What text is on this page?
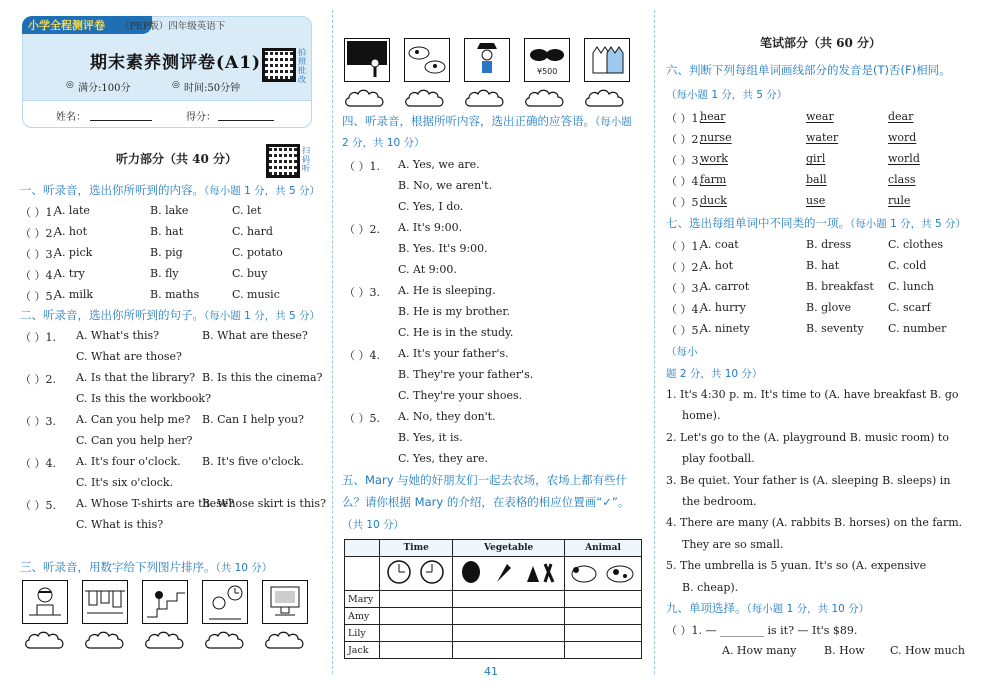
小学全程测评卷 （PEP版）四年级英语下
期末素养测评卷(A1)
◎ 满分:100分	◎ 时间:50分钟
拍照批改
姓名：	得分：
听力部分（共 40 分）
扫码听
一、听录音，选出你所听到的内容。（每小题 1 分，共 5 分）
（ ）1.
A. late	B. lake	C. let
（ ）2.
A. hot	B. hat	C. hard
（ ）3.
A. pick	B. pig	C. potato
（ ）4.
A. try	B. fly	C. buy
（ ）5.
A. milk	B. maths	C. music
二、听录音，选出你所听到的句子。（每小题 1 分，共 5 分）
（ ）1. A. What's this?	B. What are these?
C. What are those?
（ ）2. A. Is that the library? B. Is this the cinema?
C. Is this the workbook?
（ ）3. A. Can you help me? B. Can I help you?
C. Can you help her?
（ ）4. A. It's four o'clock. B. It's five o'clock.
C. It's six o'clock.
（ ）5. A. Whose T-shirts are these?
B. Whose skirt is this?
C. What is this?
三、听录音，用数字给下列图片排序。（共 10 分）
¥500
四、听录音，根据所听内容，选出正确的应答语。（每小题
2 分，共 10 分）
（ ）1. A. Yes, we are.
B. No, we aren't.
C. Yes, I do.
（ ）2. A. It's 9:00.
B. Yes. It's 9:00.
C. At 9:00.
（ ）3. A. He is sleeping.
B. He is my brother.
C. He is in the study.
（ ）4. A. It's your father's.
B. They're your father's.
C. They're your shoes.
（ ）5. A. No, they don't.
B. Yes, it is.
C. Yes, they are.
五、Mary 与她的好朋友们一起去农场，农场上都有些什
么？请你根据 Mary 的介绍，在表格的相应位置画“✓”。
（共 10 分）
	Time	Vegetable	Animal

Mary			
Amy			
Lily			
Jack			
41
笔试部分（共 60 分）
六、判断下列每组单词画线部分的发音是(T)否(F)相同。
（每小题 1 分，共 5 分）
（ ）1.
hear	wear	dear
（ ）2.
nurse	water	word
（ ）3.
work	girl	world
（ ）4.
farm	ball	class
（ ）5.
duck	use	rule
七、选出每组单词中不同类的一项。（每小题 1 分，共 5 分）
（ ）1.
A. coat	B. dress	C. clothes
（ ）2.
A. hot	B. hat	C. cold
（ ）3.
A. carrot	B. breakfast C. lunch
（ ）4.
A. hurry	B. glove	C. scarf
（ ）5.
A. ninety	B. seventy C. number
（每小
题 2 分，共 10 分）
1. It's 4:30 p. m. It's time to (A. have breakfast B. go
home).
2. Let's go to the (A. playground B. music room) to
play football.
3. Be quiet. Your father is (A. sleeping B. sleeps) in
the bedroom.
4. There are many (A. rabbits B. horses) on the farm.
They are so small.
5. The umbrella is 5 yuan. It's so (A. expensive
B. cheap).
九、单项选择。（每小题 1 分，共 10 分）
（ ）1. — ________ is it? — It's $89.
A. How many	B. How C. How much
